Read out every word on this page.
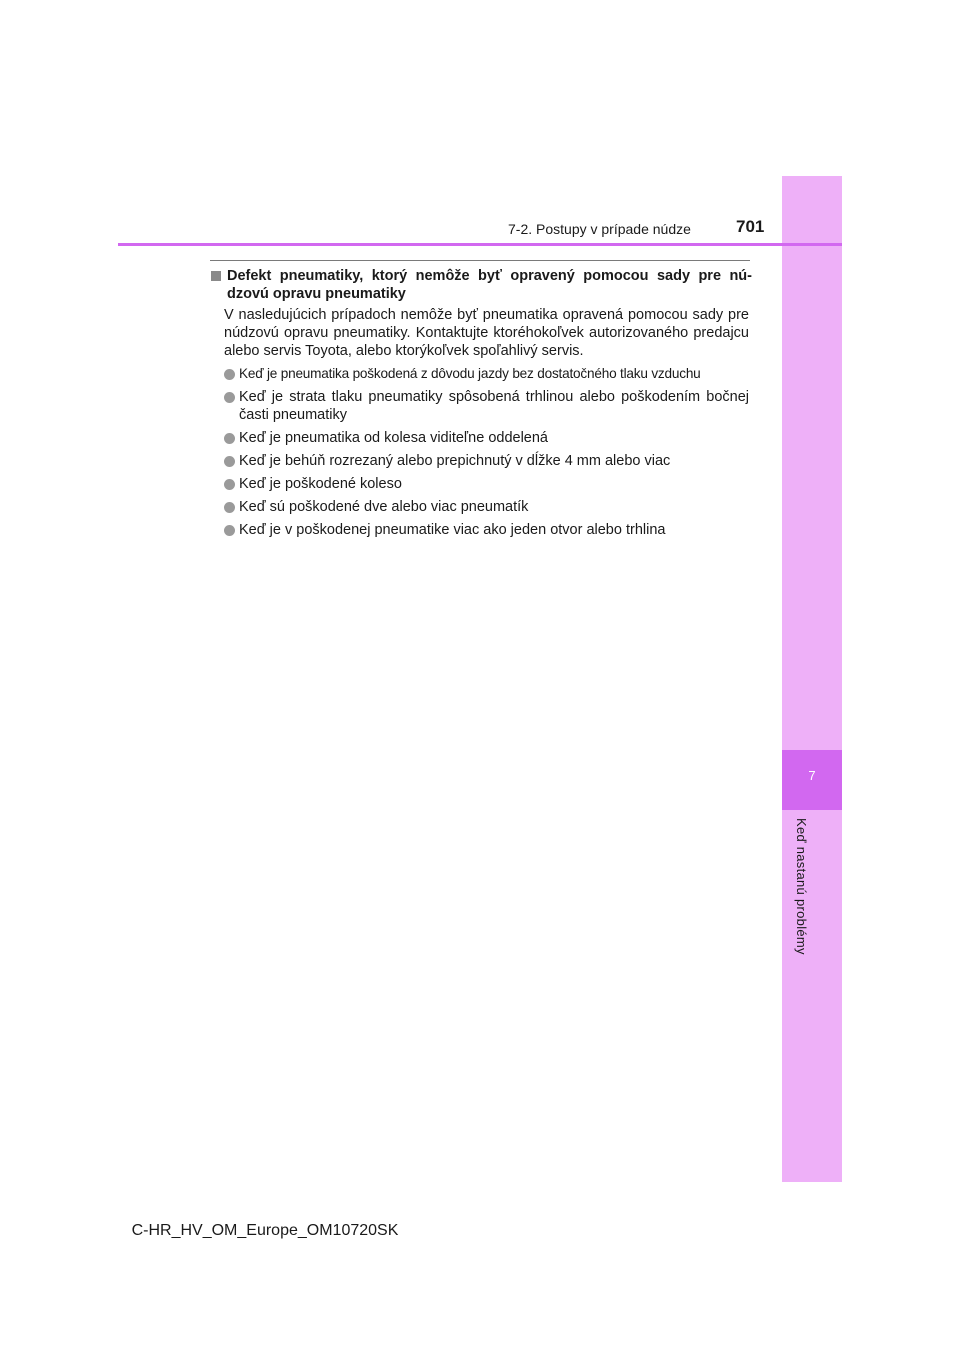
7
Keď nastanú problémy
7-2. Postupy v prípade núdze	701
Defekt pneumatiky, ktorý nemôže byť opravený pomocou sady pre nú-dzovú opravu pneumatiky
V nasledujúcich prípadoch nemôže byť pneumatika opravená pomocou sady pre núdzovú opravu pneumatiky. Kontaktujte ktoréhokoľvek autorizovaného predajcu alebo servis Toyota, alebo ktorýkoľvek spoľahlivý servis.
Keď je pneumatika poškodená z dôvodu jazdy bez dostatočného tlaku vzduchu
Keď je strata tlaku pneumatiky spôsobená trhlinou alebo poškodením bočnej časti pneumatiky
Keď je pneumatika od kolesa viditeľne oddelená
Keď je behúň rozrezaný alebo prepichnutý v dĺžke 4 mm alebo viac
Keď je poškodené koleso
Keď sú poškodené dve alebo viac pneumatík
Keď je v poškodenej pneumatike viac ako jeden otvor alebo trhlina
C-HR_HV_OM_Europe_OM10720SK
